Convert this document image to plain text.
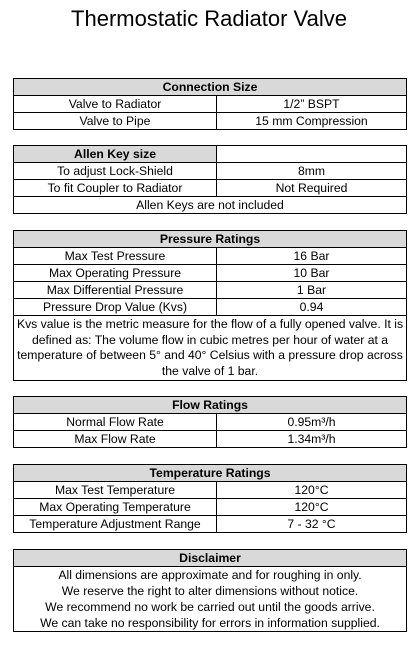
Thermostatic Radiator Valve
Connection Size	
Valve to Radiator	1/2” BSPT
Valve to Pipe	15 mm Compression
Allen Key size	
To adjust Lock-Shield	8mm
To fit Coupler to Radiator	Not Required
Allen Keys are not included	
Pressure Ratings	
Max Test Pressure	16 Bar
Max Operating Pressure	10 Bar
Max Differential Pressure	1 Bar
Pressure Drop Value (Kvs)	0.94
Kvs value is the metric measure for the flow of a fully opened valve. It is defined as: The volume flow in cubic metres per hour of water at a temperature of between 5° and 40° Celsius with a pressure drop across the valve of 1 bar.	
Flow Ratings	
Normal Flow Rate	0.95m³/h
Max Flow Rate	1.34m³/h
Temperature Ratings	
Max Test Temperature	120°C
Max Operating Temperature	120°C
Temperature Adjustment Range	7 - 32 °C
Disclaimer
All dimensions are approximate and for roughing in only.
We reserve the right to alter dimensions without notice.
We recommend no work be carried out until the goods arrive.
We can take no responsibility for errors in information supplied.
